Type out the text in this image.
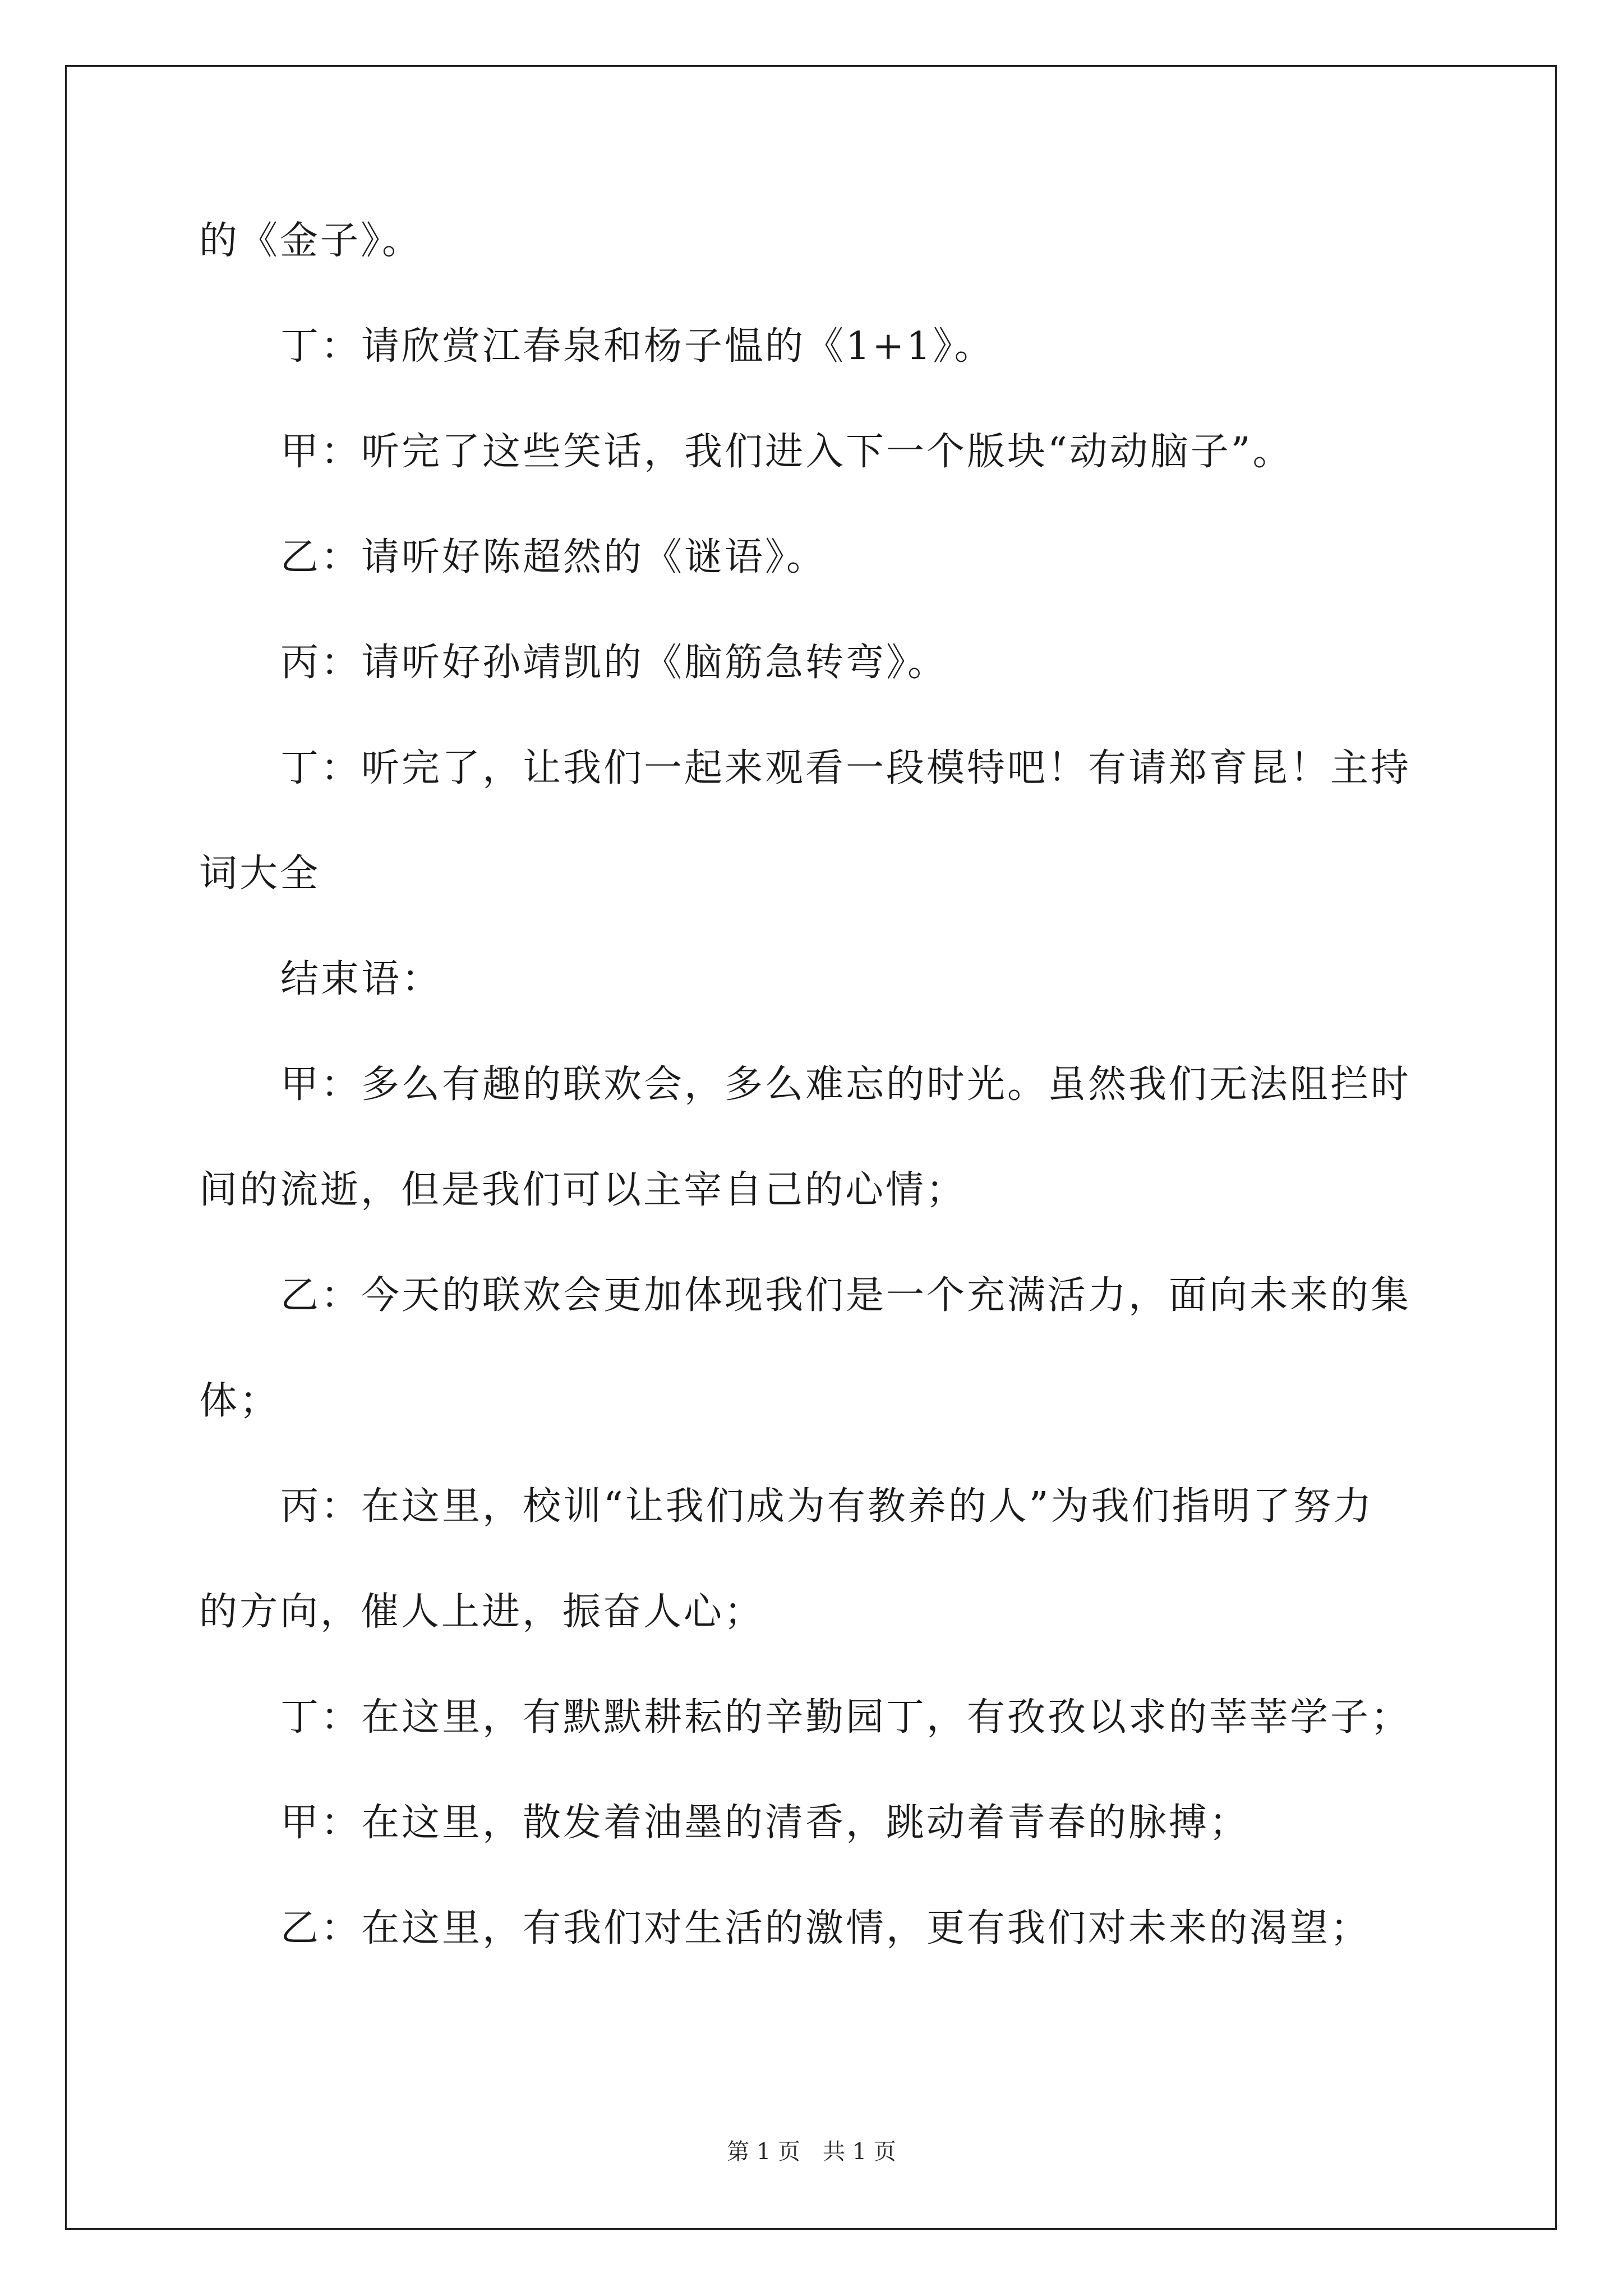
的《金子》。
丁：请欣赏江春泉和杨子愠的《1+1》。
甲：听完了这些笑话，我们进入下一个版块“动动脑子”。
乙：请听好陈超然的《谜语》。
丙：请听好孙靖凯的《脑筋急转弯》。
丁：听完了，让我们一起来观看一段模特吧！有请郑育昆！主持
词大全
结束语：
甲：多么有趣的联欢会，多么难忘的时光。虽然我们无法阻拦时
间的流逝，但是我们可以主宰自己的心情；
乙：今天的联欢会更加体现我们是一个充满活力，面向未来的集
体；
丙：在这里，校训“让我们成为有教养的人”为我们指明了努力
的方向，催人上进，振奋人心；
丁：在这里，有默默耕耘的辛勤园丁，有孜孜以求的莘莘学子；
甲：在这里，散发着油墨的清香，跳动着青春的脉搏；
乙：在这里，有我们对生活的激情，更有我们对未来的渴望；
第 1 页　共 1 页
